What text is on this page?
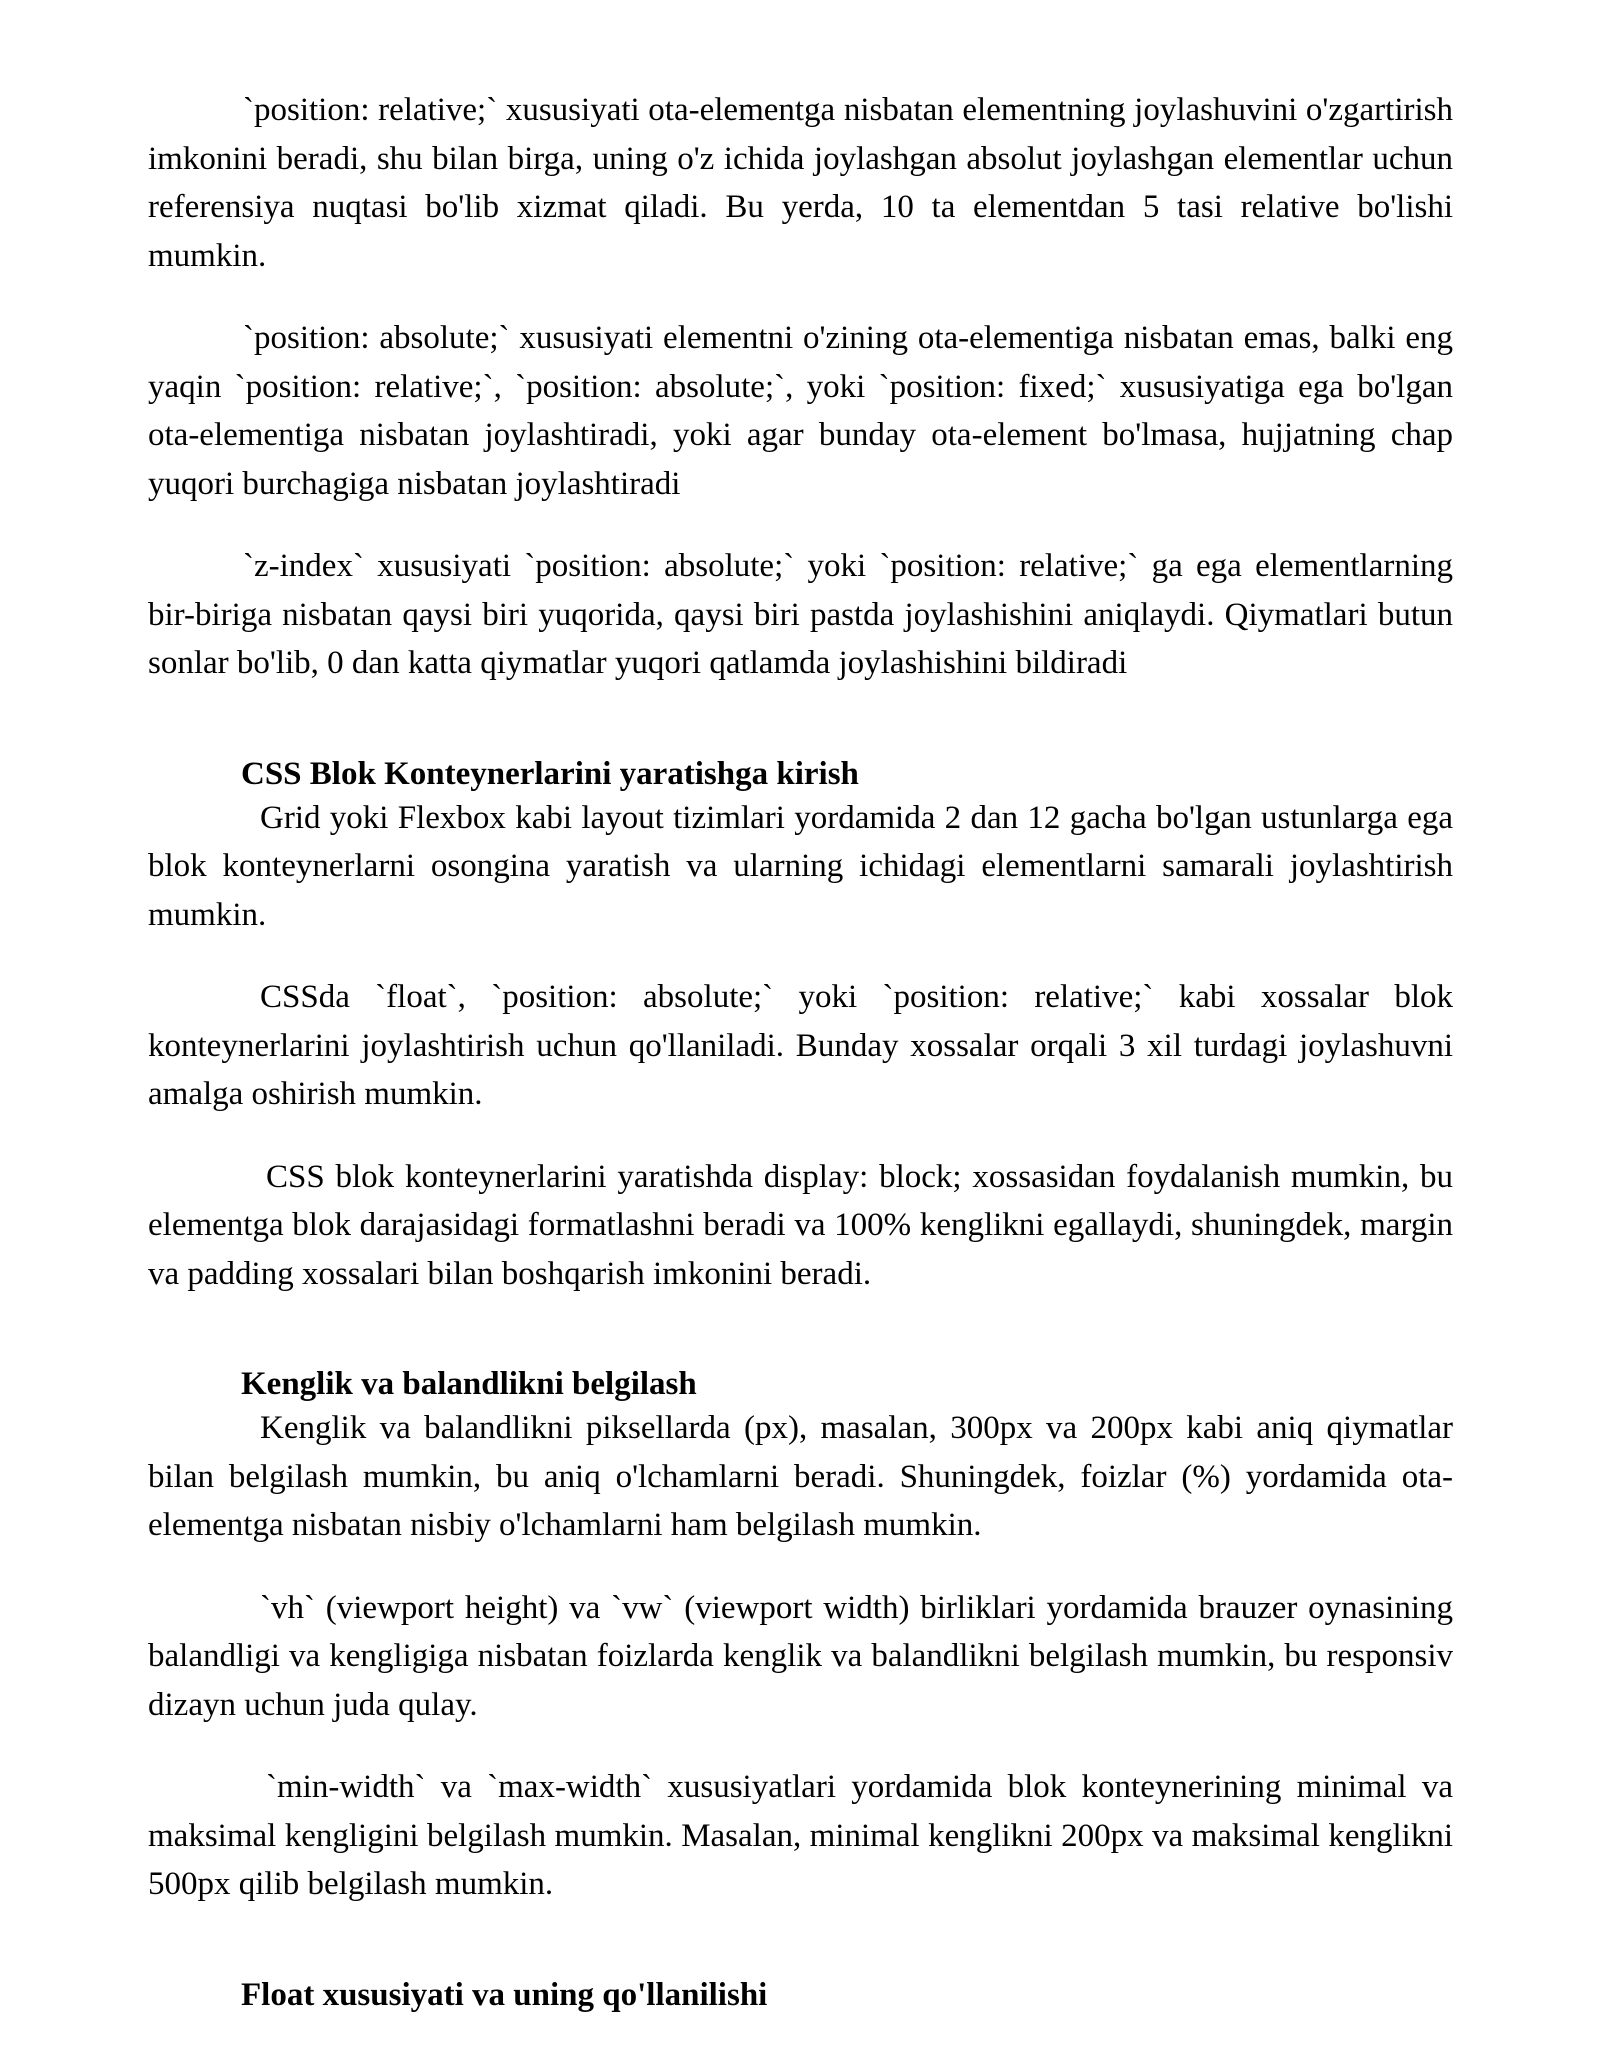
`position: relative;` xususiyati ota-elementga nisbatan elementning joylashuvini o'zgartirish imkonini beradi, shu bilan birga, uning o'z ichida joylashgan absolut joylashgan elementlar uchun referensiya nuqtasi bo'lib xizmat qiladi. Bu yerda, 10 ta elementdan 5 tasi relative bo'lishi mumkin.

`position: absolute;` xususiyati elementni o'zining ota-elementiga nisbatan emas, balki eng yaqin `position: relative;`, `position: absolute;`, yoki `position: fixed;` xususiyatiga ega bo'lgan ota-elementiga nisbatan joylashtiradi, yoki agar bunday ota-element bo'lmasa, hujjatning chap yuqori burchagiga nisbatan joylashtiradi

`z-index` xususiyati `position: absolute;` yoki `position: relative;` ga ega elementlarning bir-biriga nisbatan qaysi biri yuqorida, qaysi biri pastda joylashishini aniqlaydi. Qiymatlari butun sonlar bo'lib, 0 dan katta qiymatlar yuqori qatlamda joylashishini bildiradi

CSS Blok Konteynerlarini yaratishga kirish

Grid yoki Flexbox kabi layout tizimlari yordamida 2 dan 12 gacha bo'lgan ustunlarga ega blok konteynerlarni osongina yaratish va ularning ichidagi elementlarni samarali joylashtirish mumkin.

CSSda `float`, `position: absolute;` yoki `position: relative;` kabi xossalar blok konteynerlarini joylashtirish uchun qo'llaniladi. Bunday xossalar orqali 3 xil turdagi joylashuvni amalga oshirish mumkin.

CSS blok konteynerlarini yaratishda display: block; xossasidan foydalanish mumkin, bu elementga blok darajasidagi formatlashni beradi va 100% kenglikni egallaydi, shuningdek, margin va padding xossalari bilan boshqarish imkonini beradi.

Kenglik va balandlikni belgilash

Kenglik va balandlikni piksellarda (px), masalan, 300px va 200px kabi aniq qiymatlar bilan belgilash mumkin, bu aniq o'lchamlarni beradi. Shuningdek, foizlar (%) yordamida ota-elementga nisbatan nisbiy o'lchamlarni ham belgilash mumkin.

`vh` (viewport height) va `vw` (viewport width) birliklari yordamida brauzer oynasining balandligi va kengligiga nisbatan foizlarda kenglik va balandlikni belgilash mumkin, bu responsiv dizayn uchun juda qulay.

`min-width` va `max-width` xususiyatlari yordamida blok konteynerining minimal va maksimal kengligini belgilash mumkin. Masalan, minimal kenglikni 200px va maksimal kenglikni 500px qilib belgilash mumkin.

Float xususiyati va uning qo'llanilishi
